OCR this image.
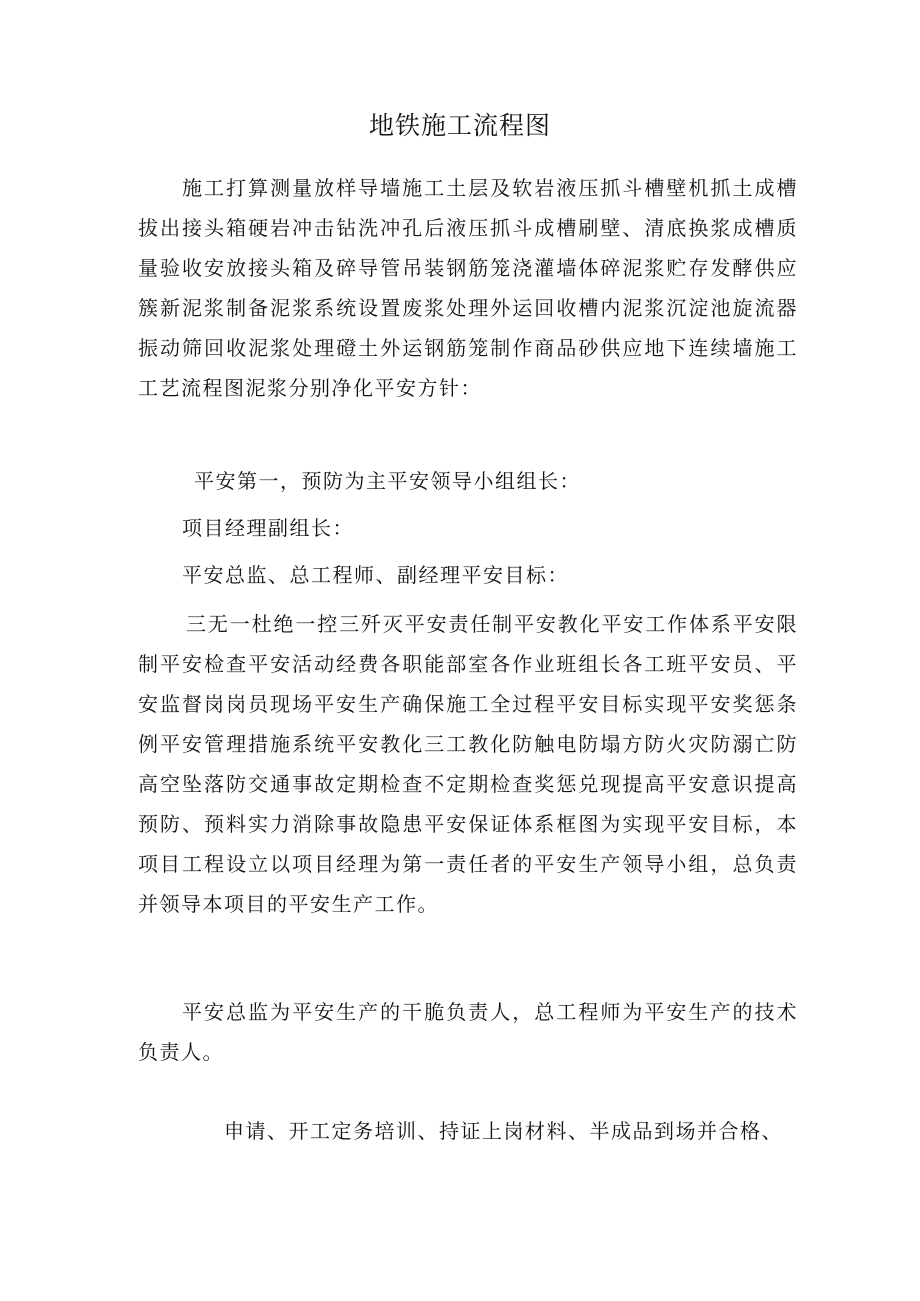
地铁施工流程图

施工打算测量放样导墙施工土层及软岩液压抓斗槽壁机抓土成槽拔出接头箱硬岩冲击钻洗冲孔后液压抓斗成槽刷壁、清底换浆成槽质量验收安放接头箱及碎导管吊装钢筋笼浇灌墙体碎泥浆贮存发酵供应簇新泥浆制备泥浆系统设置废浆处理外运回收槽内泥浆沉淀池旋流器振动筛回收泥浆处理磴土外运钢筋笼制作商品砂供应地下连续墙施工工艺流程图泥浆分别净化平安方针：

平安第一，预防为主平安领导小组组长：

项目经理副组长：

平安总监、总工程师、副经理平安目标：

三无一杜绝一控三歼灭平安责任制平安教化平安工作体系平安限制平安检查平安活动经费各职能部室各作业班组长各工班平安员、平安监督岗岗员现场平安生产确保施工全过程平安目标实现平安奖惩条例平安管理措施系统平安教化三工教化防触电防塌方防火灾防溺亡防高空坠落防交通事故定期检查不定期检查奖惩兑现提高平安意识提高预防、预料实力消除事故隐患平安保证体系框图为实现平安目标，本项目工程设立以项目经理为第一责任者的平安生产领导小组，总负责并领导本项目的平安生产工作。

平安总监为平安生产的干脆负责人，总工程师为平安生产的技术负责人。

申请、开工定务培训、持证上岗材料、半成品到场并合格、
